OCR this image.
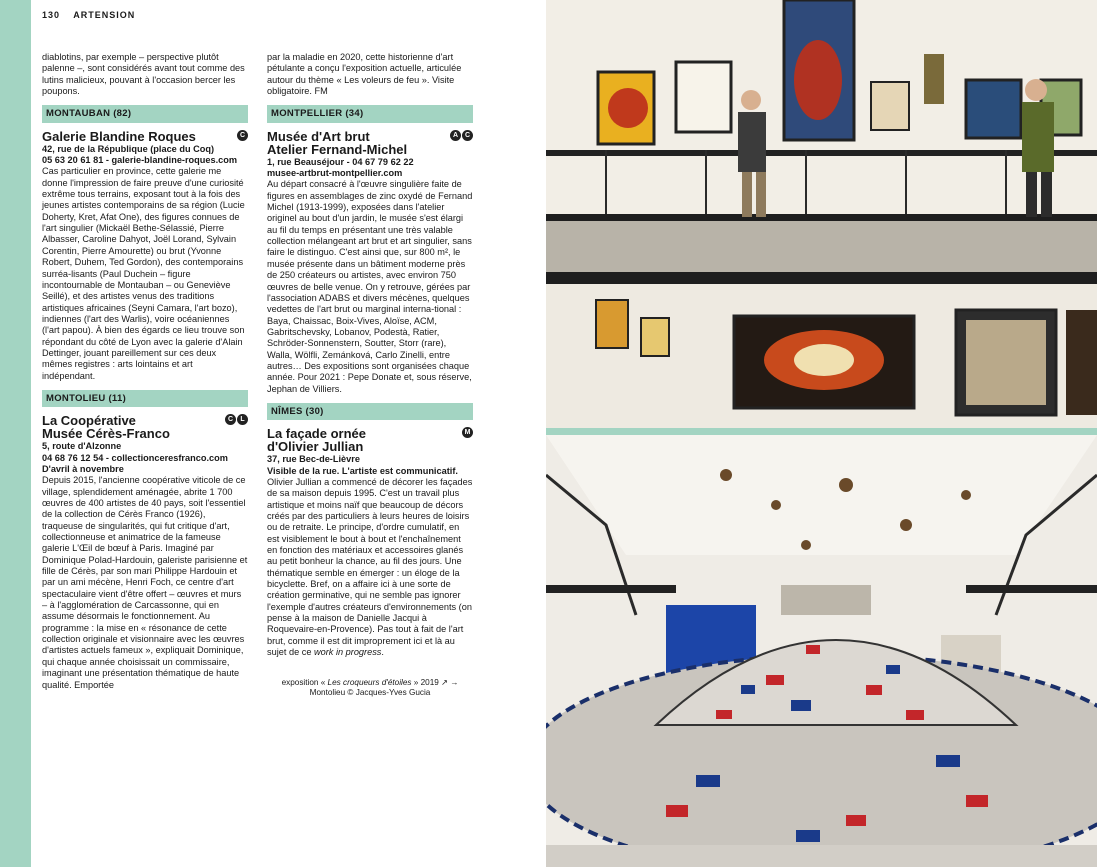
130 ARTENSION

diablotins, par exemple – perspective plutôt palenne –, sont considérés avant tout comme des lutins malicieux, pouvant à l'occasion bercer les poupons.

MONTAUBAN (82)
Galerie Blandine Roques	C

42, rue de la République (place du Coq)

05 63 20 61 81 - galerie-blandine-roques.com

Cas particulier en province, cette galerie me donne l'impression de faire preuve d'une curiosité extrême tous terrains, exposant tout à la fois des jeunes artistes contemporains de sa région (Lucie Doherty, Kret, Afat One), des figures connues de l'art singulier (Mickaël Bethe-Sélassié, Pierre Albasser, Caroline Dahyot, Joël Lorand, Sylvain Corentin, Pierre Amourette) ou brut (Yvonne Robert, Duhem, Ted Gordon), des contemporains surréa-lisants (Paul Duchein – figure incontournable de Montauban – ou Geneviève Seillé), et des artistes venus des traditions artistiques africaines (Seyni Camara, l'art bozo), indiennes (l'art des Warlis), voire océaniennes (l'art papou). À bien des égards ce lieu trouve son répondant du côté de Lyon avec la galerie d'Alain Dettinger, jouant pareillement sur ces deux mêmes registres : arts lointains et art indépendant.

MONTOLIEU (11)
La Coopérative
Musée Cérès-Franco
C	L

5, route d'Alzonne

04 68 76 12 54 - collectionceresfranco.com

D'avril à novembre

Depuis 2015, l'ancienne coopérative viticole de ce village, splendidement aménagée, abrite 1 700 œuvres de 400 artistes de 40 pays, soit l'essentiel de la collection de Cérès Franco (1926), traqueuse de singularités, qui fut critique d'art, collectionneuse et animatrice de la fameuse galerie L'Œil de bœuf à Paris. Imaginé par Dominique Polad-Hardouin, galeriste parisienne et fille de Cérès, par son mari Philippe Hardouin et par un ami mécène, Henri Foch, ce centre d'art spectaculaire vient d'être offert – œuvres et murs – à l'agglomération de Carcassonne, qui en assume désormais le fonctionnement. Au programme : la mise en « résonance de cette collection originale et visionnaire avec les œuvres d'artistes actuels fameux », expliquait Dominique, qui chaque année choisissait un commissaire, imaginant une présentation thématique de haute qualité. Emportée

par la maladie en 2020, cette historienne d'art pétulante a conçu l'exposition actuelle, articulée autour du thème « Les voleurs de feu ». Visite obligatoire. FM

MONTPELLIER (34)
Musée d'Art brut
Atelier Fernand-Michel
A C

1, rue Beauséjour - 04 67 79 62 22

musee-artbrut-montpellier.com

Au départ consacré à l'œuvre singulière faite de figures en assemblages de zinc oxydé de Fernand Michel (1913-1999), exposées dans l'atelier originel au bout d'un jardin, le musée s'est élargi au fil du temps en présentant une très valable collection mélangeant art brut et art singulier, sans faire le distinguo. C'est ainsi que, sur 800 m², le musée présente dans un bâtiment moderne près de 250 créateurs ou artistes, avec environ 750 œuvres de belle venue. On y retrouve, gérées par l'association ADABS et divers mécènes, quelques vedettes de l'art brut ou marginal interna-tional : Baya, Chaissac, Boix-Vives, Aloïse, ACM, Gabritschevsky, Lobanov, Podestà, Ratier, Schröder-Sonnenstern, Soutter, Storr (rare), Walla, Wölfli, Zemánková, Carlo Zinelli, entre autres… Des expositions sont organisées chaque année. Pour 2021 : Pepe Donate et, sous réserve, Jephan de Villiers.

NÎMES (30)
La façade ornée
d'Olivier Jullian
M

37, rue Bec-de-Lièvre

Visible de la rue. L'artiste est communicatif.

Olivier Jullian a commencé de décorer les façades de sa maison depuis 1995. C'est un travail plus artistique et moins naïf que beaucoup de décors créés par des particuliers à leurs heures de loisirs ou de retraite. Le principe, d'ordre cumulatif, en est visiblement le bout à bout et l'enchaînement en fonction des matériaux et accessoires glanés au petit bonheur la chance, au fil des jours. Une thématique semble en émerger : un éloge de la bicyclette. Bref, on a affaire ici à une sorte de création germinative, qui ne semble pas ignorer l'exemple d'autres créateurs d'environnements (on pense à la maison de Danielle Jacqui à Roquevaire-en-Provence). Pas tout à fait de l'art brut, comme il est dit improprement ici et là au sujet de ce work in progress.

exposition « Les croqueurs d'étoiles » 2019 ↗ →
Montolieu © Jacques-Yves Gucia
